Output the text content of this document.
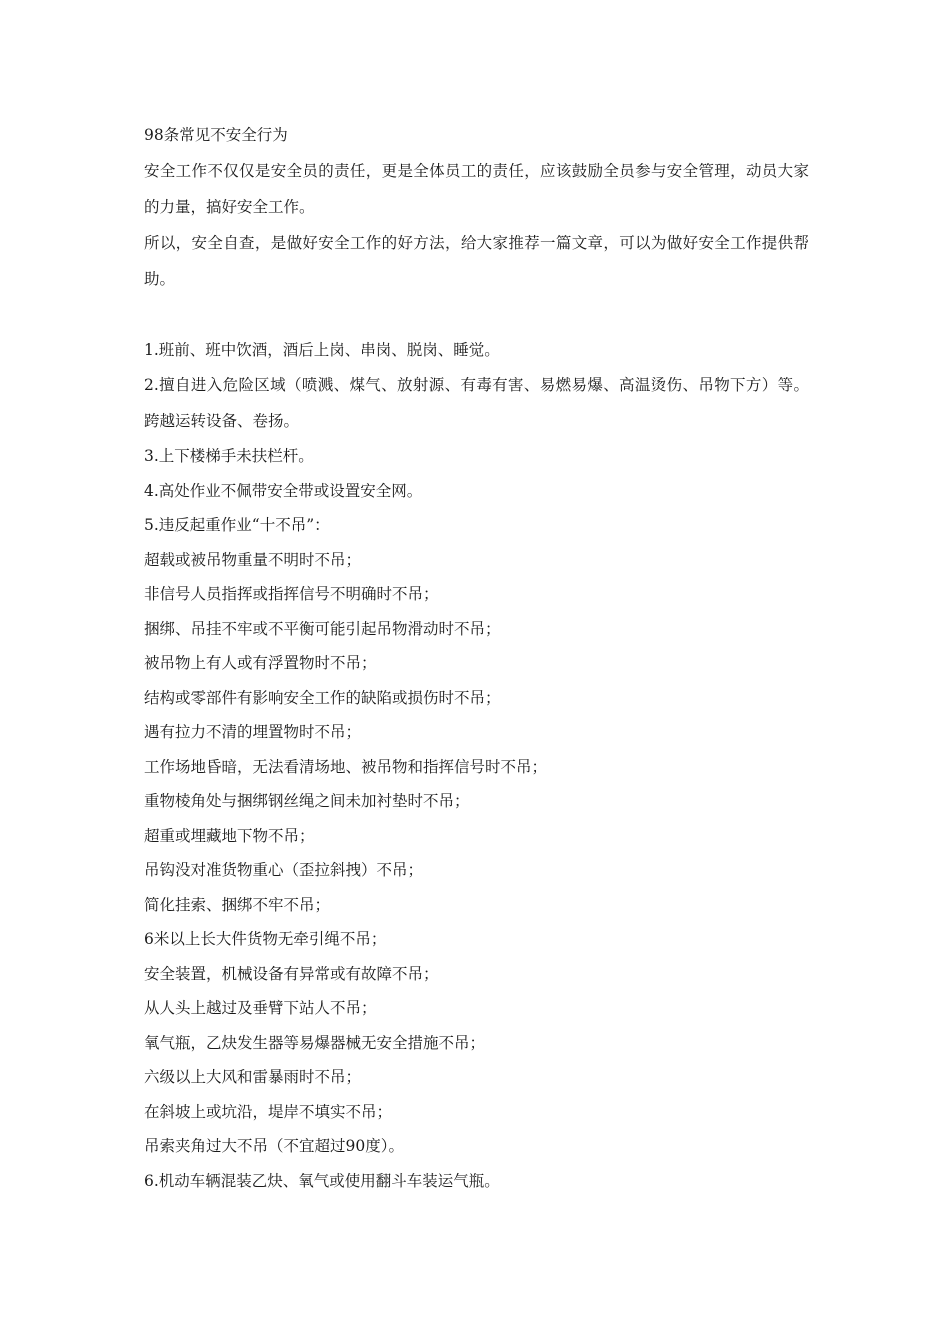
98条常见不安全行为

安全工作不仅仅是安全员的责任，更是全体员工的责任，应该鼓励全员参与安全管理，动员大家的力量，搞好安全工作。

所以，安全自查，是做好安全工作的好方法，给大家推荐一篇文章，可以为做好安全工作提供帮助。

1.班前、班中饮酒，酒后上岗、串岗、脱岗、睡觉。

2.擅自进入危险区域（喷溅、煤气、放射源、有毒有害、易燃易爆、高温烫伤、吊物下方）等。跨越运转设备、卷扬。

3.上下楼梯手未扶栏杆。

4.高处作业不佩带安全带或设置安全网。

5.违反起重作业“十不吊”：

超载或被吊物重量不明时不吊；

非信号人员指挥或指挥信号不明确时不吊；

捆绑、吊挂不牢或不平衡可能引起吊物滑动时不吊；

被吊物上有人或有浮置物时不吊；

结构或零部件有影响安全工作的缺陷或损伤时不吊；

遇有拉力不清的埋置物时不吊；

工作场地昏暗，无法看清场地、被吊物和指挥信号时不吊；

重物棱角处与捆绑钢丝绳之间未加衬垫时不吊；

超重或埋藏地下物不吊；

吊钩没对准货物重心（歪拉斜拽）不吊；

简化挂索、捆绑不牢不吊；

6米以上长大件货物无牵引绳不吊；

安全装置，机械设备有异常或有故障不吊；

从人头上越过及垂臂下站人不吊；

氧气瓶，乙炔发生器等易爆器械无安全措施不吊；

六级以上大风和雷暴雨时不吊；

在斜坡上或坑沿，堤岸不填实不吊；

吊索夹角过大不吊（不宜超过90度）。

6.机动车辆混装乙炔、氧气或使用翻斗车装运气瓶。
